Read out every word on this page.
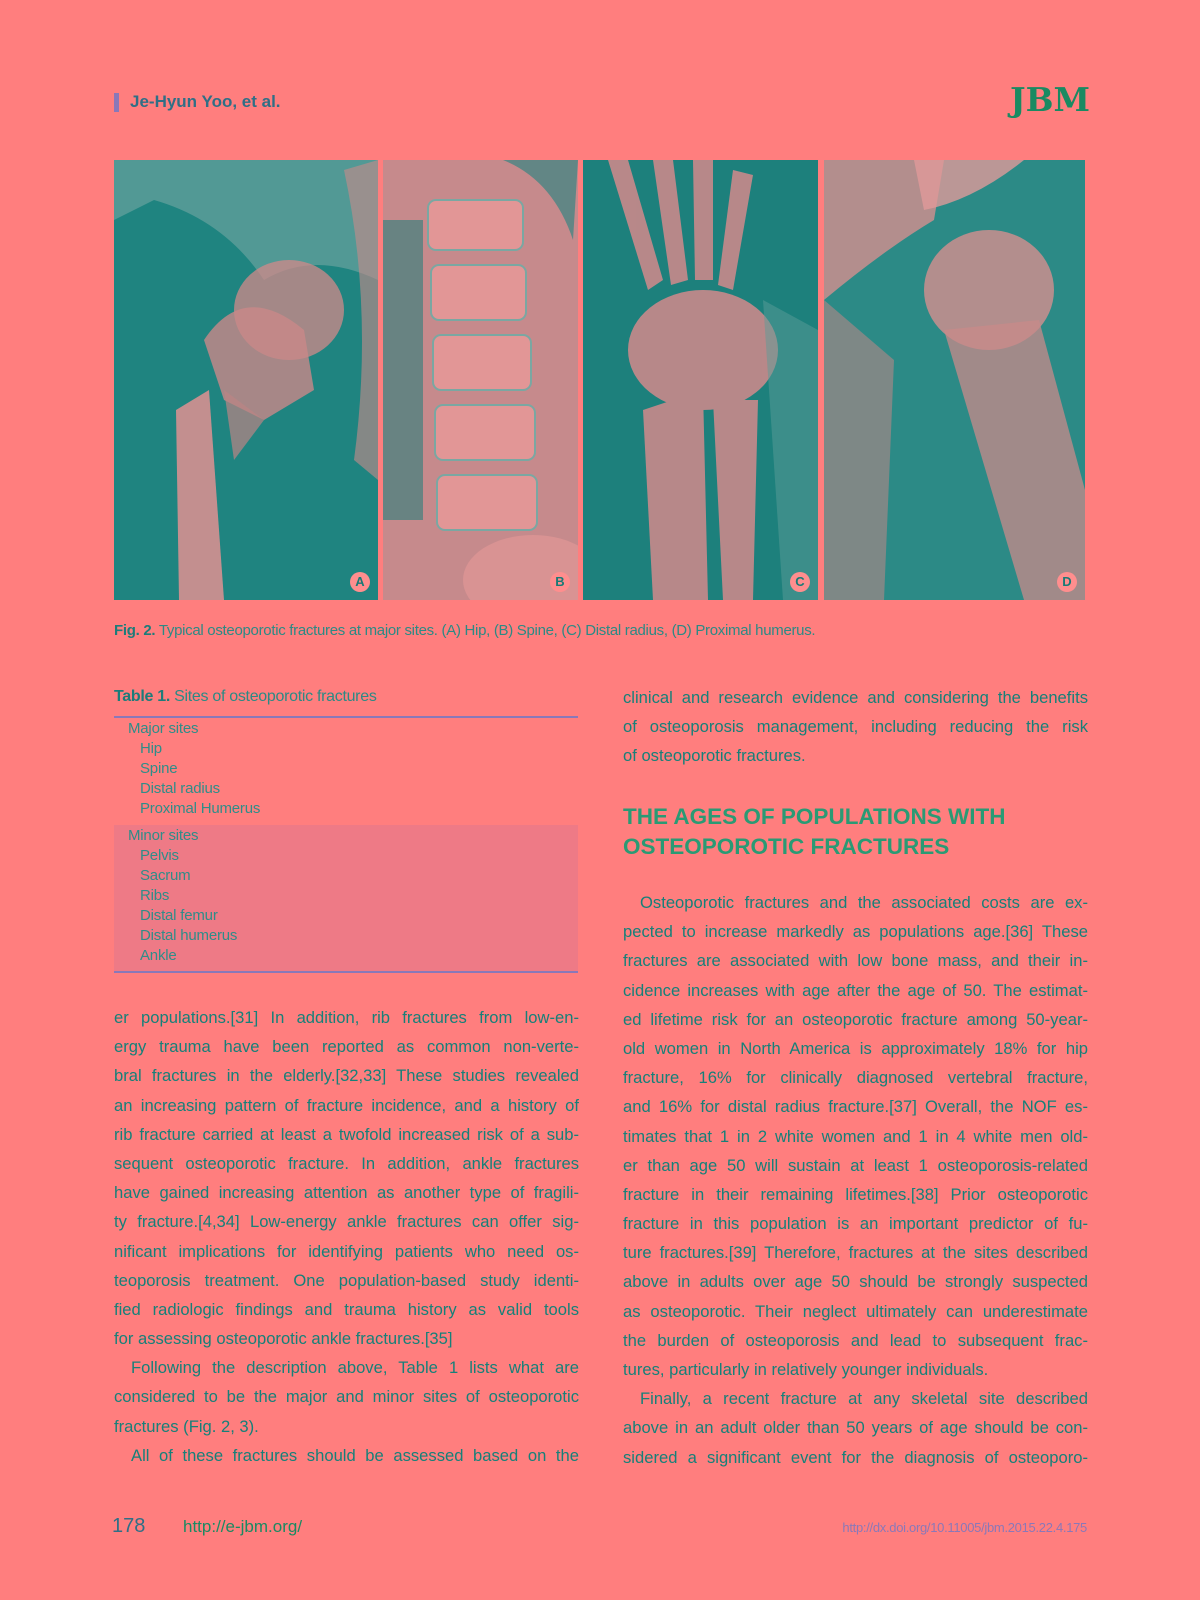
Je-Hyun Yoo, et al.	JBM
A	B	C	D
Fig. 2. Typical osteoporotic fractures at major sites. (A) Hip, (B) Spine, (C) Distal radius, (D) Proximal humerus.
Table 1. Sites of osteoporotic fractures
Major sites
Hip
Spine
Distal radius
Proximal Humerus
Minor sites
Pelvis
Sacrum
Ribs
Distal femur
Distal humerus
Ankle
er populations.[31] In addition, rib fractures from low-en-
ergy trauma have been reported as common non-verte-
bral fractures in the elderly.[32,33] These studies revealed
an increasing pattern of fracture incidence, and a history of
rib fracture carried at least a twofold increased risk of a sub-
sequent osteoporotic fracture. In addition, ankle fractures
have gained increasing attention as another type of fragili-
ty fracture.[4,34] Low-energy ankle fractures can offer sig-
nificant implications for identifying patients who need os-
teoporosis treatment. One population-based study identi-
fied radiologic findings and trauma history as valid tools
for assessing osteoporotic ankle fractures.[35]
Following the description above, Table 1 lists what are
considered to be the major and minor sites of osteoporotic
fractures (Fig. 2, 3).
All of these fractures should be assessed based on the
clinical and research evidence and considering the benefits
of osteoporosis management, including reducing the risk
of osteoporotic fractures.
THE AGES OF POPULATIONS WITH
OSTEOPOROTIC FRACTURES
Osteoporotic fractures and the associated costs are ex-
pected to increase markedly as populations age.[36] These
fractures are associated with low bone mass, and their in-
cidence increases with age after the age of 50. The estimat-
ed lifetime risk for an osteoporotic fracture among 50-year-
old women in North America is approximately 18% for hip
fracture, 16% for clinically diagnosed vertebral fracture,
and 16% for distal radius fracture.[37] Overall, the NOF es-
timates that 1 in 2 white women and 1 in 4 white men old-
er than age 50 will sustain at least 1 osteoporosis-related
fracture in their remaining lifetimes.[38] Prior osteoporotic
fracture in this population is an important predictor of fu-
ture fractures.[39] Therefore, fractures at the sites described
above in adults over age 50 should be strongly suspected
as osteoporotic. Their neglect ultimately can underestimate
the burden of osteoporosis and lead to subsequent frac-
tures, particularly in relatively younger individuals.
Finally, a recent fracture at any skeletal site described
above in an adult older than 50 years of age should be con-
sidered a significant event for the diagnosis of osteoporo-
178 http://e-jbm.org/	http://dx.doi.org/10.11005/jbm.2015.22.4.175
